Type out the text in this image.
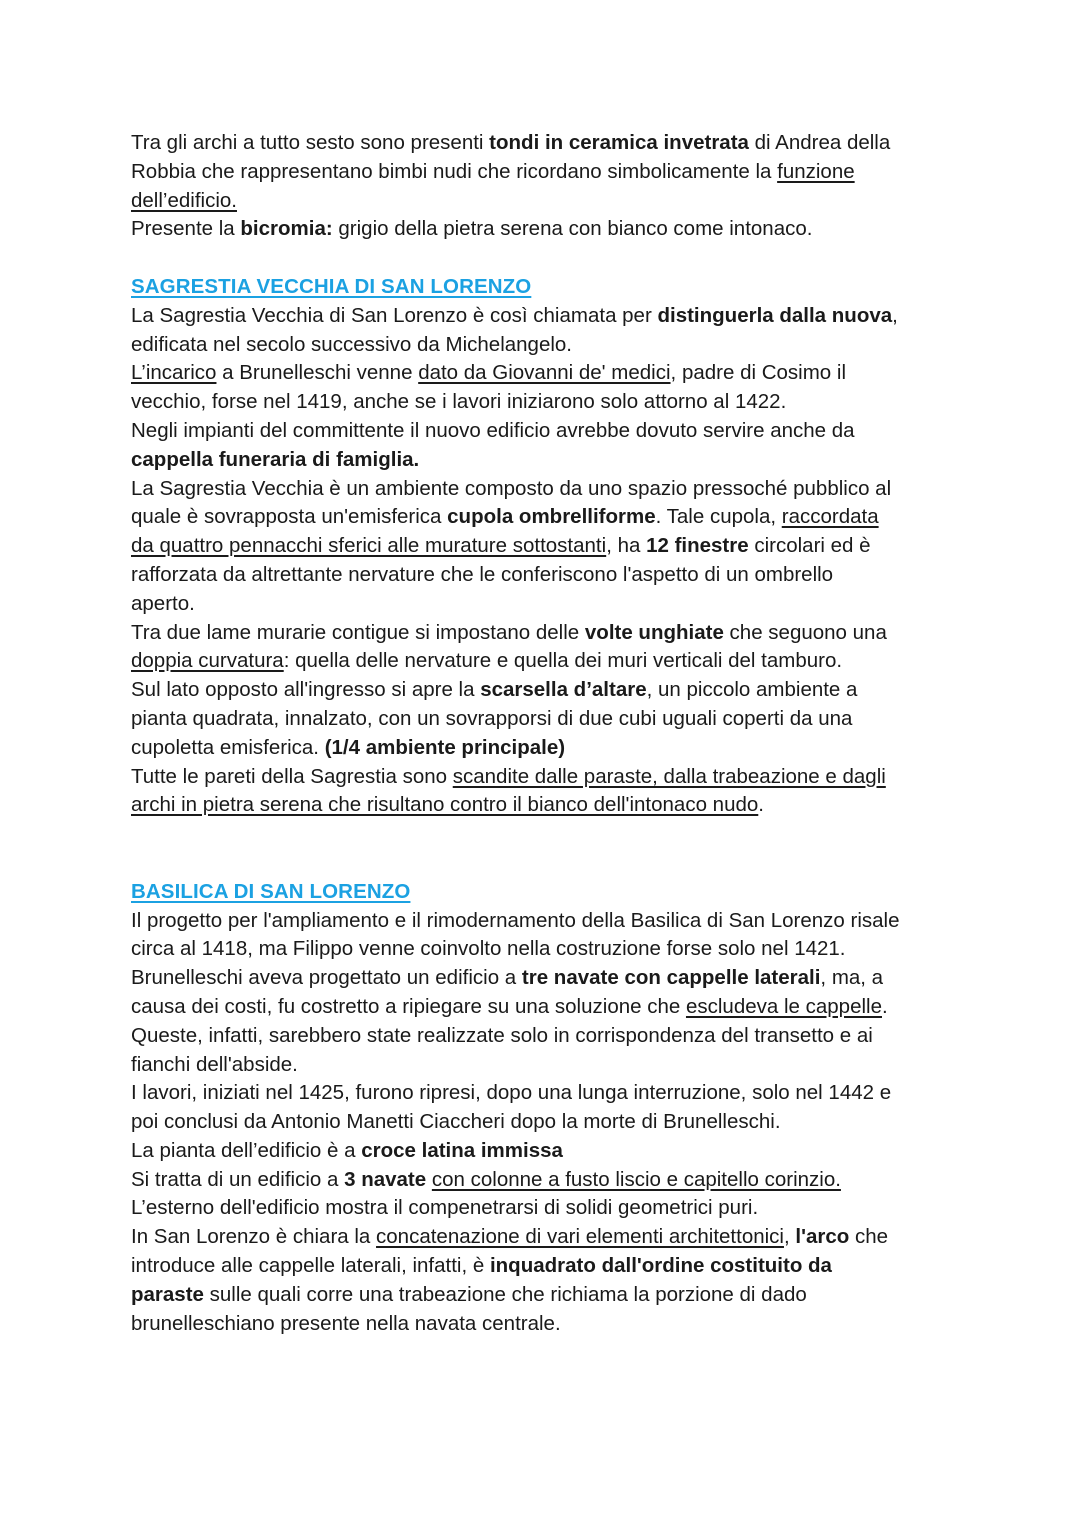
Tra gli archi a tutto sesto sono presenti tondi in ceramica invetrata di Andrea della
Robbia che rappresentano bimbi nudi che ricordano simbolicamente la funzione
dell’edificio.
Presente la bicromia: grigio della pietra serena con bianco come intonaco.
SAGRESTIA VECCHIA DI SAN LORENZO
La Sagrestia Vecchia di San Lorenzo è così chiamata per distinguerla dalla nuova,
edificata nel secolo successivo da Michelangelo.
L’incarico a Brunelleschi venne dato da Giovanni de' medici, padre di Cosimo il
vecchio, forse nel 1419, anche se i lavori iniziarono solo attorno al 1422.
Negli impianti del committente il nuovo edificio avrebbe dovuto servire anche da
cappella funeraria di famiglia.
La Sagrestia Vecchia è un ambiente composto da uno spazio pressoché pubblico al
quale è sovrapposta un'emisferica cupola ombrelliforme. Tale cupola, raccordata
da quattro pennacchi sferici alle murature sottostanti, ha 12 finestre circolari ed è
rafforzata da altrettante nervature che le conferiscono l'aspetto di un ombrello
aperto.
Tra due lame murarie contigue si impostano delle volte unghiate che seguono una
doppia curvatura: quella delle nervature e quella dei muri verticali del tamburo.
Sul lato opposto all'ingresso si apre la scarsella d’altare, un piccolo ambiente a
pianta quadrata, innalzato, con un sovrapporsi di due cubi uguali coperti da una
cupoletta emisferica. (1/4 ambiente principale)
Tutte le pareti della Sagrestia sono scandite dalle paraste, dalla trabeazione e dagli
archi in pietra serena che risultano contro il bianco dell'intonaco nudo.
BASILICA DI SAN LORENZO
Il progetto per l'ampliamento e il rimodernamento della Basilica di San Lorenzo risale
circa al 1418, ma Filippo venne coinvolto nella costruzione forse solo nel 1421.
Brunelleschi aveva progettato un edificio a tre navate con cappelle laterali, ma, a
causa dei costi, fu costretto a ripiegare su una soluzione che escludeva le cappelle.
Queste, infatti, sarebbero state realizzate solo in corrispondenza del transetto e ai
fianchi dell'abside.
I lavori, iniziati nel 1425, furono ripresi, dopo una lunga interruzione, solo nel 1442 e
poi conclusi da Antonio Manetti Ciaccheri dopo la morte di Brunelleschi.
La pianta dell’edificio è a croce latina immissa
Si tratta di un edificio a 3 navate con colonne a fusto liscio e capitello corinzio.
L’esterno dell'edificio mostra il compenetrarsi di solidi geometrici puri.
In San Lorenzo è chiara la concatenazione di vari elementi architettonici, l'arco che
introduce alle cappelle laterali, infatti, è inquadrato dall'ordine costituito da
paraste sulle quali corre una trabeazione che richiama la porzione di dado
brunelleschiano presente nella navata centrale.
